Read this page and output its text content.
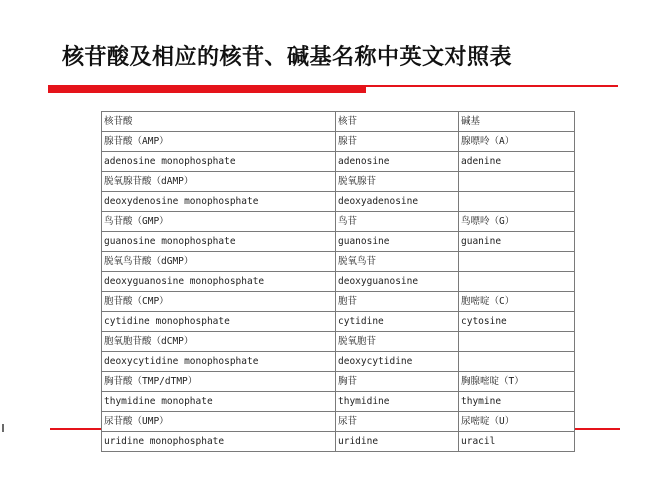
核苷酸及相应的核苷、碱基名称中英文对照表
核苷酸	核苷	碱基
腺苷酸（AMP）	腺苷	腺嘌呤（A）
adenosine monophosphate	adenosine	adenine
脱氧腺苷酸（dAMP）	脱氧腺苷	
deoxydenosine monophosphate	deoxyadenosine	
鸟苷酸（GMP）	鸟苷	鸟嘌呤（G）
guanosine monophosphate	guanosine	guanine
脱氧鸟苷酸（dGMP）	脱氧鸟苷	
deoxyguanosine monophosphate	deoxyguanosine	
胞苷酸（CMP）	胞苷	胞嘧啶（C）
cytidine monophosphate	cytidine	cytosine
胞氧胞苷酸（dCMP）	脱氧胞苷	
deoxycytidine monophosphate	deoxycytidine	
胸苷酸（TMP/dTMP）	胸苷	胸腺嘧啶（T）
thymidine monophate	thymidine	thymine
尿苷酸（UMP）	尿苷	尿嘧啶（U）
uridine monophosphate	uridine	uracil
